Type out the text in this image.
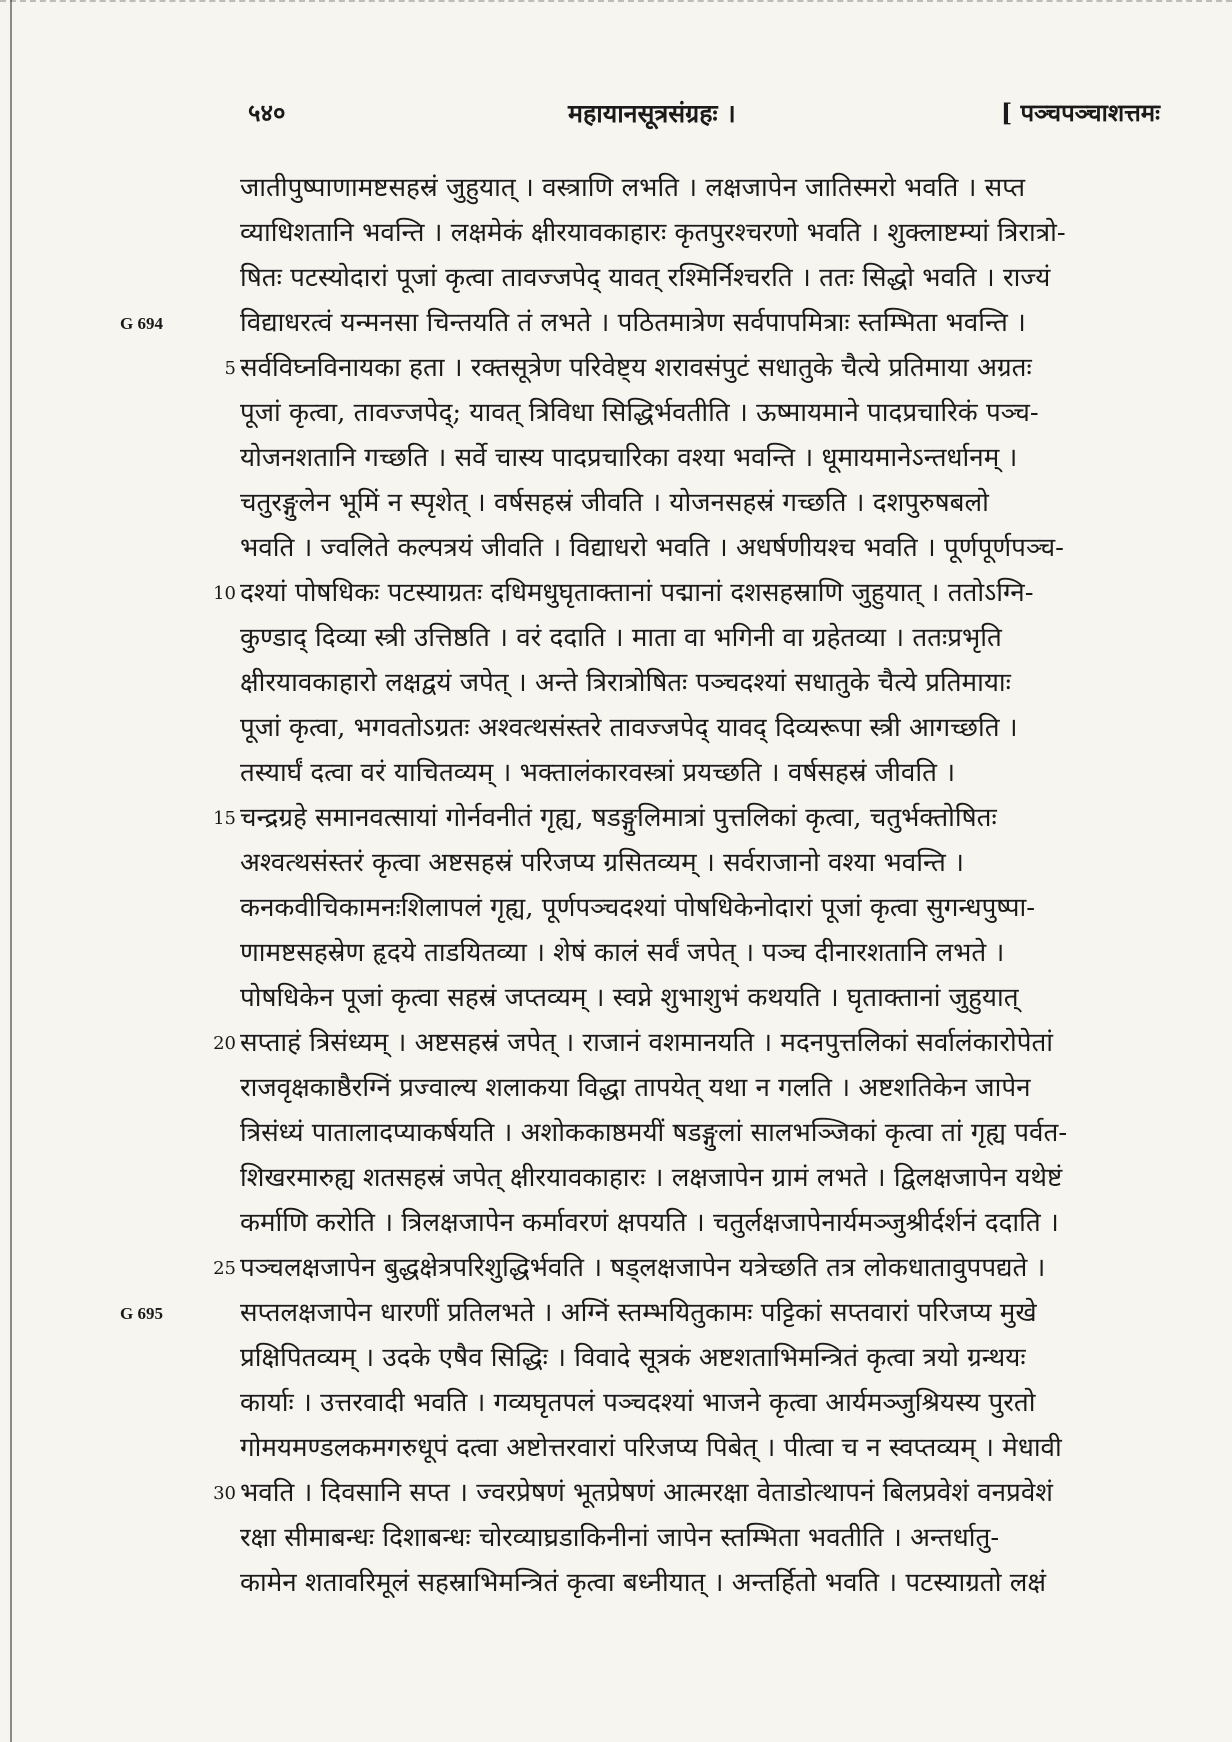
५४०	महायानसूत्रसंग्रहः ।	[ पञ्चपञ्चाशत्तमः
जातीपुष्पाणामष्टसहस्रं जुहुयात् । वस्त्राणि लभति । लक्षजापेन जातिस्मरो भवति । सप्त
व्याधिशतानि भवन्ति । लक्षमेकं क्षीरयावकाहारः कृतपुरश्चरणो भवति । शुक्लाष्टम्यां त्रिरात्रो-
षितः पटस्योदारां पूजां कृत्वा तावज्जपेद् यावत् रश्मिर्निश्चरति । ततः सिद्धो भवति । राज्यं
G 694	विद्याधरत्वं यन्मनसा चिन्तयति तं लभते । पठितमात्रेण सर्वपापमित्राः स्तम्भिता भवन्ति ।
5 सर्वविघ्नविनायका हता । रक्तसूत्रेण परिवेष्ट्य शरावसंपुटं सधातुके चैत्ये प्रतिमाया अग्रतः
पूजां कृत्वा, तावज्जपेद्; यावत् त्रिविधा सिद्धिर्भवतीति । ऊष्मायमाने पादप्रचारिकं पञ्च-
योजनशतानि गच्छति । सर्वे चास्य पादप्रचारिका वश्या भवन्ति । धूमायमानेऽन्तर्धानम् ।
चतुरङ्गुलेन भूमिं न स्पृशेत् । वर्षसहस्रं जीवति । योजनसहस्रं गच्छति । दशपुरुषबलो
भवति । ज्वलिते कल्पत्रयं जीवति । विद्याधरो भवति । अधर्षणीयश्च भवति । पूर्णपूर्णपञ्च-
10 दश्यां पोषधिकः पटस्याग्रतः दधिमधुघृताक्तानां पद्मानां दशसहस्राणि जुहुयात् । ततोऽग्नि-
कुण्डाद् दिव्या स्त्री उत्तिष्ठति । वरं ददाति । माता वा भगिनी वा ग्रहेतव्या । ततःप्रभृति
क्षीरयावकाहारो लक्षद्वयं जपेत् । अन्ते त्रिरात्रोषितः पञ्चदश्यां सधातुके चैत्ये प्रतिमायाः
पूजां कृत्वा, भगवतोऽग्रतः अश्वत्थसंस्तरे तावज्जपेद् यावद् दिव्यरूपा स्त्री आगच्छति ।
तस्यार्घं दत्वा वरं याचितव्यम् । भक्तालंकारवस्त्रां प्रयच्छति । वर्षसहस्रं जीवति ।
15 चन्द्रग्रहे समानवत्सायां गोर्नवनीतं गृह्य, षडङ्गुलिमात्रां पुत्तलिकां कृत्वा, चतुर्भक्तोषितः
अश्वत्थसंस्तरं कृत्वा अष्टसहस्रं परिजप्य ग्रसितव्यम् । सर्वराजानो वश्या भवन्ति ।
कनकवीचिकामनःशिलापलं गृह्य, पूर्णपञ्चदश्यां पोषधिकेनोदारां पूजां कृत्वा सुगन्धपुष्पा-
णामष्टसहस्रेण हृदये ताडयितव्या । शेषं कालं सर्वं जपेत् । पञ्च दीनारशतानि लभते ।
पोषधिकेन पूजां कृत्वा सहस्रं जप्तव्यम् । स्वप्ने शुभाशुभं कथयति । घृताक्तानां जुहुयात्
20 सप्ताहं त्रिसंध्यम् । अष्टसहस्रं जपेत् । राजानं वशमानयति । मदनपुत्तलिकां सर्वालंकारोपेतां
राजवृक्षकाष्ठैरग्निं प्रज्वाल्य शलाकया विद्धा तापयेत् यथा न गलति । अष्टशतिकेन जापेन
त्रिसंध्यं पातालादप्याकर्षयति । अशोककाष्ठमयीं षडङ्गुलां सालभञ्जिकां कृत्वा तां गृह्य पर्वत-
शिखरमारुह्य शतसहस्रं जपेत् क्षीरयावकाहारः । लक्षजापेन ग्रामं लभते । द्विलक्षजापेन यथेष्टं
कर्माणि करोति । त्रिलक्षजापेन कर्मावरणं क्षपयति । चतुर्लक्षजापेनार्यमञ्जुश्रीर्दर्शनं ददाति ।
25 पञ्चलक्षजापेन बुद्धक्षेत्रपरिशुद्धिर्भवति । षड्लक्षजापेन यत्रेच्छति तत्र लोकधातावुपपद्यते ।
G 695	सप्तलक्षजापेन धारणीं प्रतिलभते । अग्निं स्तम्भयितुकामः पट्टिकां सप्तवारां परिजप्य मुखे
प्रक्षिपितव्यम् । उदके एषैव सिद्धिः । विवादे सूत्रकं अष्टशताभिमन्त्रितं कृत्वा त्रयो ग्रन्थयः
कार्याः । उत्तरवादी भवति । गव्यघृतपलं पञ्चदश्यां भाजने कृत्वा आर्यमञ्जुश्रियस्य पुरतो
गोमयमण्डलकमगरुधूपं दत्वा अष्टोत्तरवारां परिजप्य पिबेत् । पीत्वा च न स्वप्तव्यम् । मेधावी
30 भवति । दिवसानि सप्त । ज्वरप्रेषणं भूतप्रेषणं आत्मरक्षा वेताडोत्थापनं बिलप्रवेशं वनप्रवेशं
रक्षा सीमाबन्धः दिशाबन्धः चोरव्याघ्रडाकिनीनां जापेन स्तम्भिता भवतीति । अन्तर्धातु-
कामेन शतावरिमूलं सहस्राभिमन्त्रितं कृत्वा बध्नीयात् । अन्तर्हितो भवति । पटस्याग्रतो लक्षं
